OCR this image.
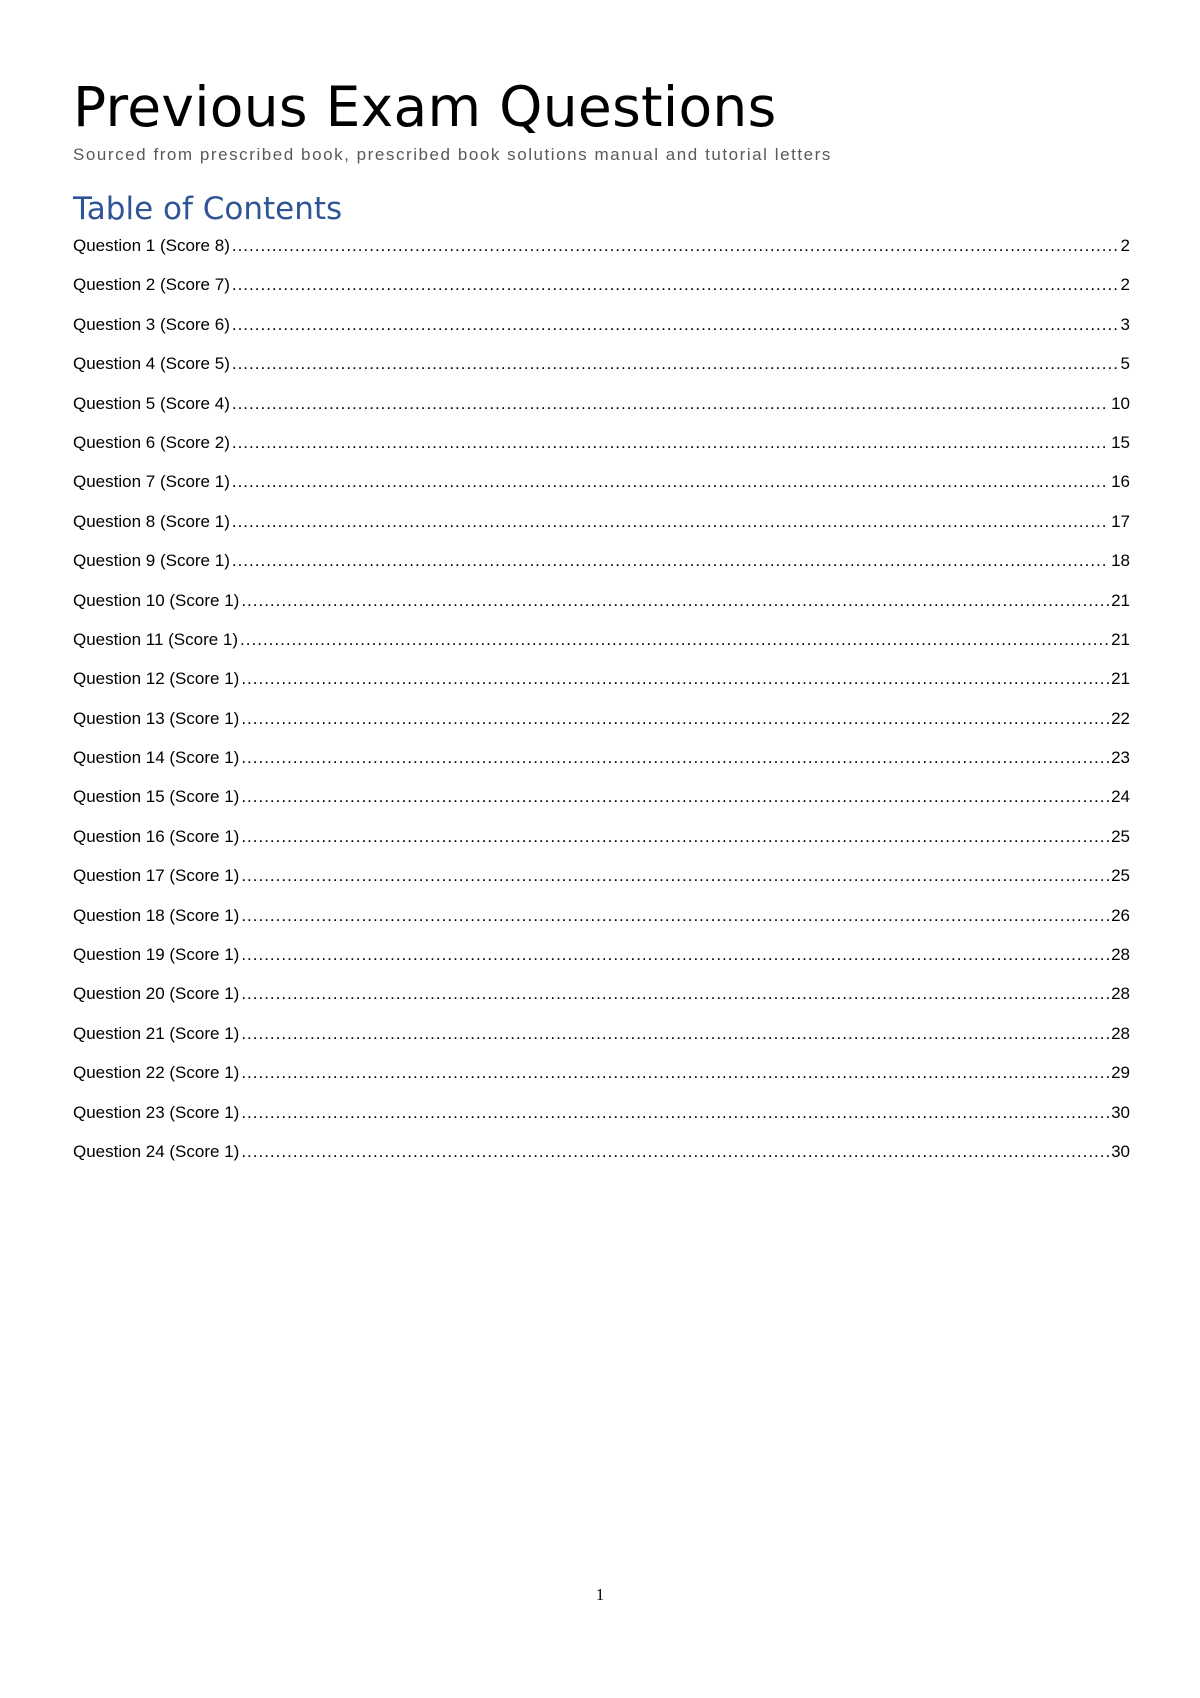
Previous Exam Questions

Sourced from prescribed book, prescribed book solutions manual and tutorial letters

Table of Contents
Question 1 (Score 8) .....	2
Question 2 (Score 7) .....	2
Question 3 (Score 6) .....	3
Question 4 (Score 5) .....	5
Question 5 (Score 4) .....	10
Question 6 (Score 2) .....	15
Question 7 (Score 1) .....	16
Question 8 (Score 1) .....	17
Question 9 (Score 1) .....	18
Question 10 (Score 1) .....	21
Question 11 (Score 1) .....	21
Question 12 (Score 1) .....	21
Question 13 (Score 1) .....	22
Question 14 (Score 1) .....	23
Question 15 (Score 1) .....	24
Question 16 (Score 1) .....	25
Question 17 (Score 1) .....	25
Question 18 (Score 1) .....	26
Question 19 (Score 1) .....	28
Question 20 (Score 1) .....	28
Question 21 (Score 1) .....	28
Question 22 (Score 1) .....	29
Question 23 (Score 1) .....	30
Question 24 (Score 1) .....	30
1
